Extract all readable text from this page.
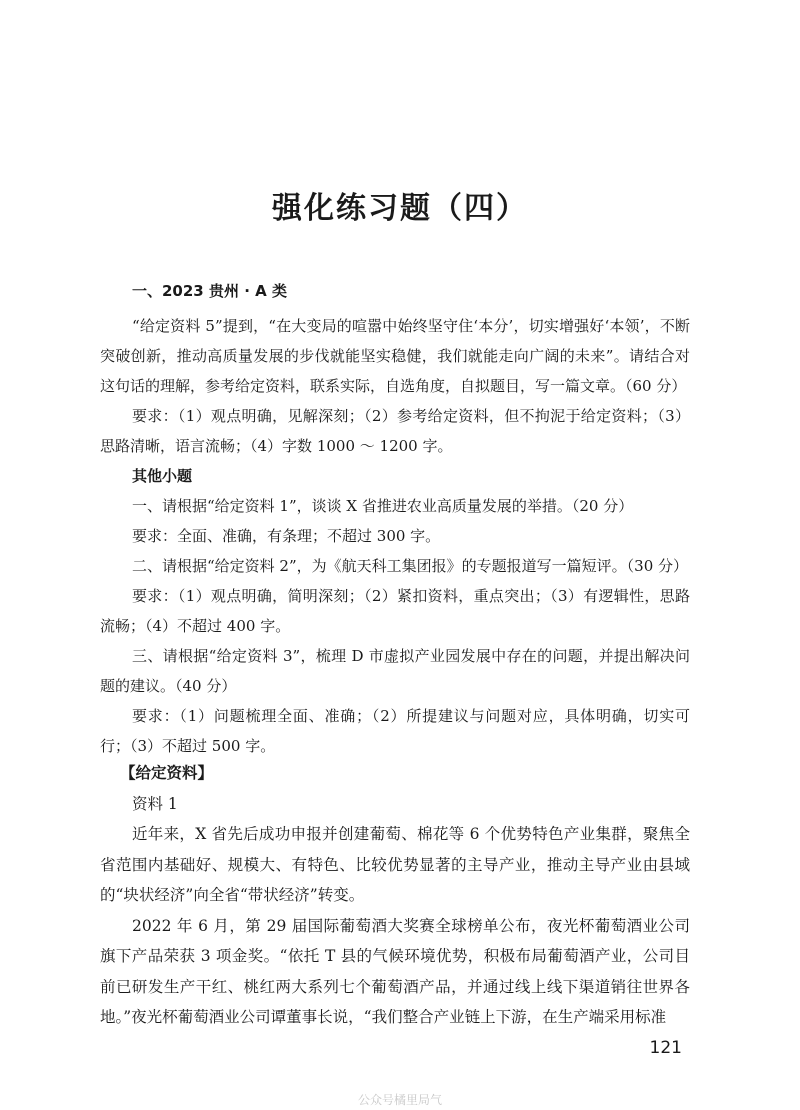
强化练习题（四）
一、2023 贵州 · A 类

“给定资料 5”提到，“在大变局的喧嚣中始终坚守住‘本分’，切实增强好‘本领’，不断突破创新，推动高质量发展的步伐就能坚实稳健，我们就能走向广阔的未来”。请结合对这句话的理解，参考给定资料，联系实际，自选角度，自拟题目，写一篇文章。（60 分）

要求：（1）观点明确，见解深刻；（2）参考给定资料，但不拘泥于给定资料；（3）思路清晰，语言流畅；（4）字数 1000 ～ 1200 字。

其他小题

一、请根据“给定资料 1”，谈谈 X 省推进农业高质量发展的举措。（20 分）

要求：全面、准确，有条理；不超过 300 字。

二、请根据“给定资料 2”，为《航天科工集团报》的专题报道写一篇短评。（30 分）

要求：（1）观点明确，简明深刻；（2）紧扣资料，重点突出；（3）有逻辑性，思路流畅；（4）不超过 400 字。

三、请根据“给定资料 3”，梳理 D 市虚拟产业园发展中存在的问题，并提出解决问题的建议。（40 分）

要求：（1）问题梳理全面、准确；（2）所提建议与问题对应，具体明确，切实可行；（3）不超过 500 字。

【给定资料】

资料 1

近年来，X 省先后成功申报并创建葡萄、棉花等 6 个优势特色产业集群，聚焦全省范围内基础好、规模大、有特色、比较优势显著的主导产业，推动主导产业由县域的“块状经济”向全省“带状经济”转变。

2022 年 6 月，第 29 届国际葡萄酒大奖赛全球榜单公布，夜光杯葡萄酒业公司旗下产品荣获 3 项金奖。“依托 T 县的气候环境优势，积极布局葡萄酒产业，公司目前已研发生产干红、桃红两大系列七个葡萄酒产品，并通过线上线下渠道销往世界各地。”夜光杯葡萄酒业公司谭董事长说，“我们整合产业链上下游，在生产端采用标准

121
公众号橘里局气
